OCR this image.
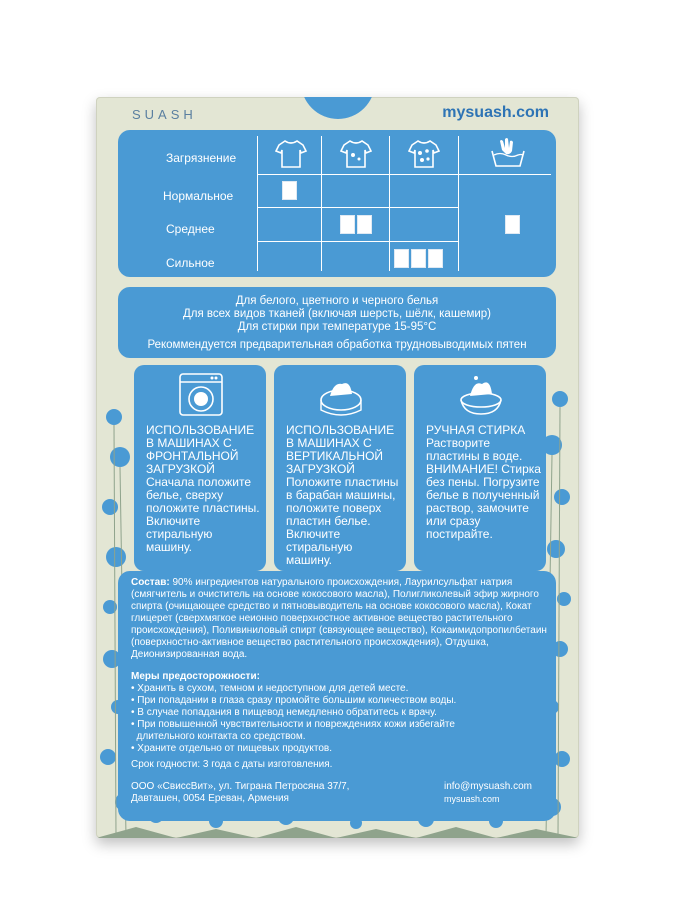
SUASH	mysuash.com
Загрязнение
Нормальное
Среднее
Сильное
Для белого, цветного и черного белья
Для всех видов тканей (включая шерсть, шёлк, кашемир)
Для стирки при температуре 15-95°C
Рекоммендуется предварительная обработка трудновыводимых пятен
ИСПОЛЬЗОВАНИЕ В МАШИНАХ С ФРОНТАЛЬНОЙ ЗАГРУЗКОЙ
Сначала положите белье, сверху положите пластины. Включите стиральную машину.
ИСПОЛЬЗОВАНИЕ В МАШИНАХ С ВЕРТИКАЛЬНОЙ ЗАГРУЗКОЙ
Положите пластины в барабан машины, положите поверх пластин белье. Включите стиральную машину.
РУЧНАЯ СТИРКА
Растворите пластины в воде. ВНИМАНИЕ! Стирка без пены. Погрузите белье в полученный раствор, замочите или сразу постирайте.
Состав: 90% ингредиентов натурального происхождения, Лаурилсульфат натрия (смягчитель и очиститель на основе кокосового масла), Полигликолевый эфир жирного спирта (очищающее средство и пятновыводитель на основе кокосового масла), Кокат глицерет (сверхмягкое неионно поверхностное активное вещество растительного происхождения), Поливиниловый спирт (связующее вещество), Кокаимидопропилбетаин (поверхностно-активное вещество растительного происхождения), Отдушка, Деионизированная вода.
Меры предосторожности:
• Хранить в сухом, темном и недоступном для детей месте.
• При попадании в глаза сразу промойте большим количеством воды.
• В случае попадания в пищевод немедленно обратитесь к врачу.
• При повышенной чувствительности и повреждениях кожи избегайте
длительного контакта со средством.
• Храните отдельно от пищевых продуктов.
Срок годности: 3 года с даты изготовления.
ООО «СвиссВит», ул. Тиграна Петросяна 37/7,
Давташен, 0054 Ереван, Армения
info@mysuash.com
mysuash.com
